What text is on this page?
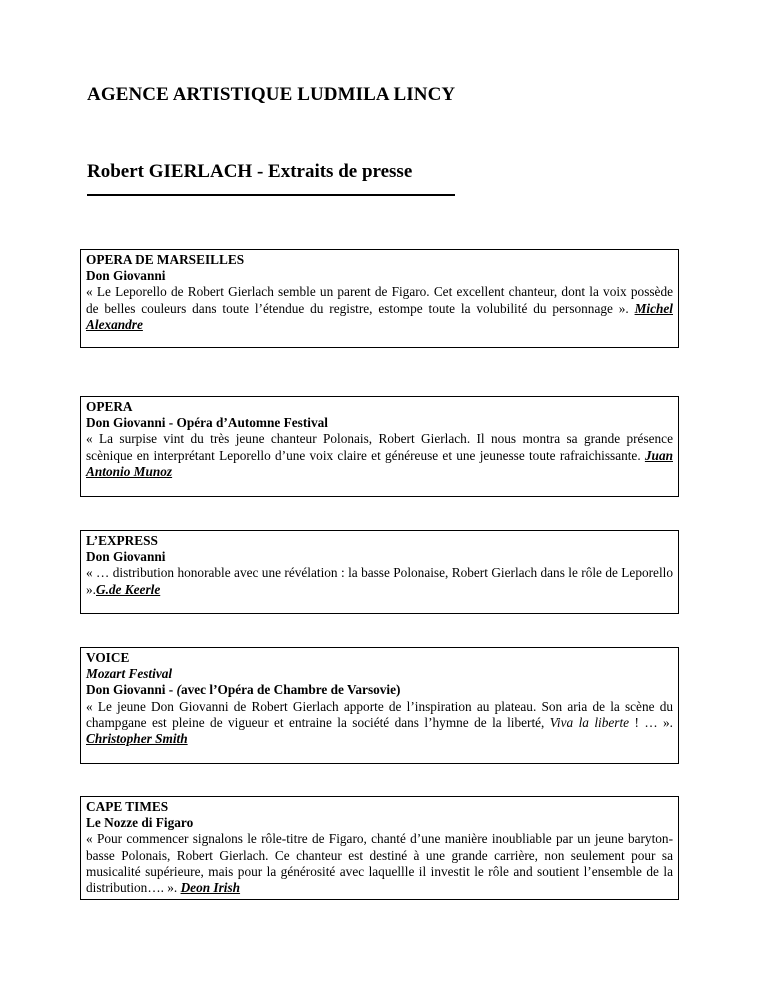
AGENCE ARTISTIQUE LUDMILA LINCY
Robert GIERLACH - Extraits de presse
OPERA DE MARSEILLES
Don Giovanni

« Le Leporello de Robert Gierlach semble un parent de Figaro. Cet excellent chanteur, dont la voix possède de belles couleurs dans toute l’étendue du registre, estompe toute la volubilité du personnage ». Michel Alexandre

OPERA
Don Giovanni - Opéra d’Automne Festival

« La surpise vint du très jeune chanteur Polonais, Robert Gierlach. Il nous montra sa grande présence scènique en interprétant Leporello d’une voix claire et généreuse et une jeunesse toute rafraichissante. Juan Antonio Munoz

L’EXPRESS
Don Giovanni

« … distribution honorable avec une révélation : la basse Polonaise, Robert Gierlach dans le rôle de Leporello ».G.de Keerle

VOICE
Mozart Festival
Don Giovanni - (avec l’Opéra de Chambre de Varsovie)

« Le jeune Don Giovanni de Robert Gierlach apporte de l’inspiration au plateau. Son aria de la scène du champgane est pleine de vigueur et entraine la société dans l’hymne de la liberté, Viva la liberte ! … ». Christopher Smith

CAPE TIMES
Le Nozze di Figaro

« Pour commencer signalons le rôle-titre de Figaro, chanté d’une manière inoubliable par un jeune baryton-basse Polonais, Robert Gierlach. Ce chanteur est destiné à une grande carrière, non seulement pour sa musicalité supérieure, mais pour la générosité avec laquellle il investit le rôle and soutient l’ensemble de la distribution…. ». Deon Irish
